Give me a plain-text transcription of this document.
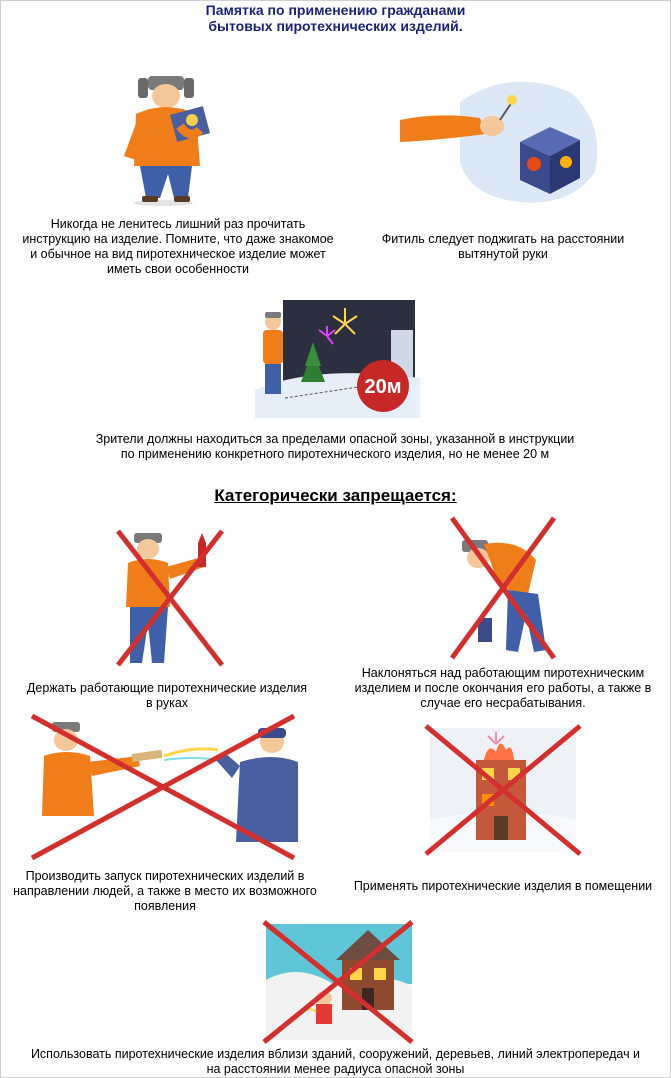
Памятка по применению гражданами
бытовых пиротехнических изделий.
Никогда не ленитесь лишний раз прочитать
инструкцию на изделие. Помните, что даже знакомое
и обычное на вид пиротехническое изделие может
иметь свои особенности
Фитиль следует поджигать на расстоянии
вытянутой руки
20м
Зрители должны находиться за пределами опасной зоны, указанной в инструкции
по применению конкретного пиротехнического изделия, но не менее 20 м
Категорически запрещается:
Держать работающие пиротехнические изделия
в руках
Наклоняться над работающим пиротехническим
изделием и после окончания его работы, а также в
случае его несрабатывания.
Производить запуск пиротехнических изделий в
направлении людей, а также в место их возможного
появления
Применять пиротехнические изделия в помещении
Использовать пиротехнические изделия вблизи зданий, сооружений, деревьев, линий электропередач и
на расстоянии менее радиуса опасной зоны
